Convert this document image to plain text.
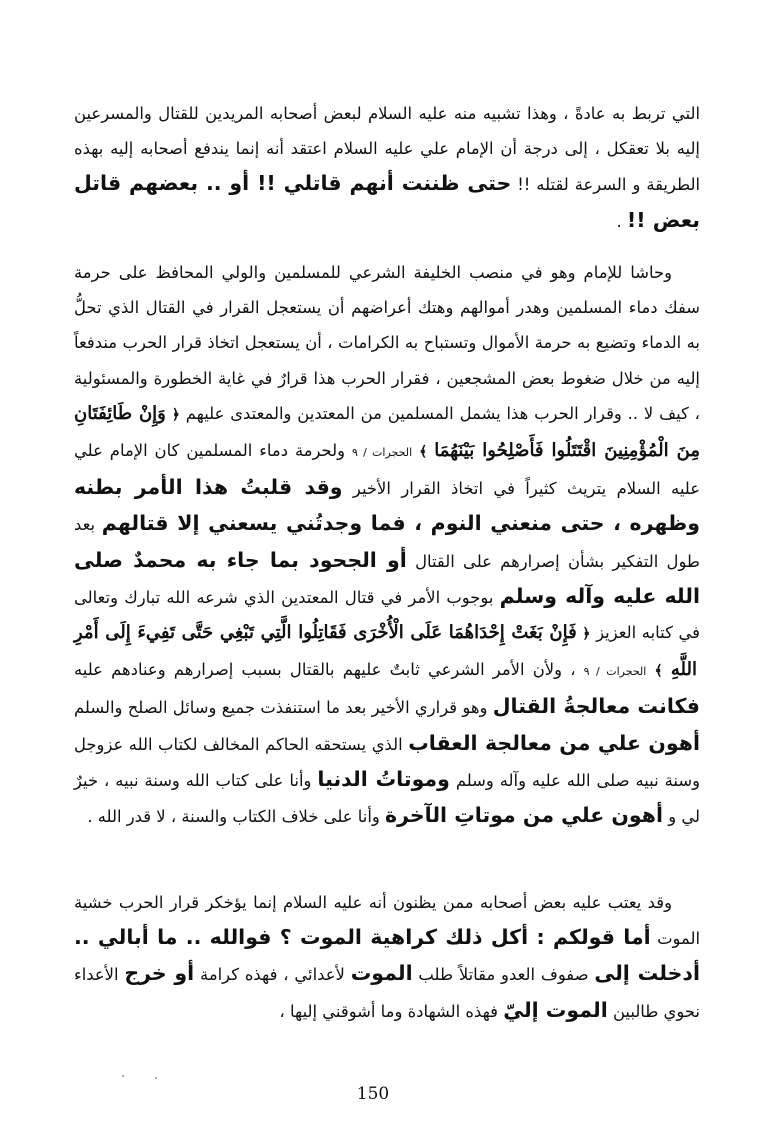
التي تربط به عادةً ، وهذا تشبيه منه عليه السلام لبعض أصحابه المريدين للقتال والمسرعين إليه بلا تعقكل ، إلى درجة أن الإمام علي عليه السلام اعتقد أنه إنما يندفع أصحابه إليه بهذه الطريقة و السرعة لقتله !! حتى ظننت أنهم قاتلي !! أو .. بعضهم قاتل بعض !! .

وحاشا للإمام وهو في منصب الخليفة الشرعي للمسلمين والولي المحافظ على حرمة سفك دماء المسلمين وهدر أموالهم وهتك أعراضهم أن يستعجل القرار في القتال الذي تحلُّ به الدماء وتضيع به حرمة الأموال وتستباح به الكرامات ، أن يستعجل اتخاذ قرار الحرب مندفعاً إليه من خلال ضغوط بعض المشجعين ، فقرار الحرب هذا قرارٌ في غاية الخطورة والمسئولية ، كيف لا .. وقرار الحرب هذا يشمل المسلمين من المعتدين والمعتدى عليهم ﴿ وَإِنْ طَائِفَتَانِ مِنَ الْمُؤْمِنِينَ اقْتَتَلُوا فَأَصْلِحُوا بَيْنَهُمَا ﴾ الحجرات / ٩ ولحرمة دماء المسلمين كان الإمام علي عليه السلام يتريث كثيراً في اتخاذ القرار الأخير وقد قلبتُ هذا الأمر بطنه وظهره ، حتى منعني النوم ، فما وجدتُني يسعني إلا قتالهم بعد طول التفكير بشأن إصرارهم على القتال أو الجحود بما جاء به محمدٌ صلى الله عليه وآله وسلم بوجوب الأمر في قتال المعتدين الذي شرعه الله تبارك وتعالى في كتابه العزيز ﴿ فَإِنْ بَغَتْ إِحْدَاهُمَا عَلَى الْأُخْرَى فَقَاتِلُوا الَّتِي تَبْغِي حَتَّى تَفِيءَ إِلَى أَمْرِ اللَّهِ ﴾ الحجرات / ٩ ، ولأن الأمر الشرعي ثابتٌ عليهم بالقتال بسبب إصرارهم وعنادهم عليه فكانت معالجةُ القتال وهو قراري الأخير بعد ما استنفذت جميع وسائل الصلح والسلم أهون علي من معالجة العقاب الذي يستحقه الحاكم المخالف لكتاب الله عزوجل وسنة نبيه صلى الله عليه وآله وسلم وموتاتُ الدنيا وأنا على كتاب الله وسنة نبيه ، خيرٌ لي و أهون علي من موتاتِ الآخرة وأنا على خلاف الكتاب والسنة ، لا قدر الله .

وقد يعتب عليه بعض أصحابه ممن يظنون أنه عليه السلام إنما يؤخكر قرار الحرب خشية الموت أما قولكم : أكل ذلك كراهية الموت ؟ فوالله .. ما أبالي .. أدخلت إلى صفوف العدو مقاتلاً طلب الموت لأعدائي ، فهذه كرامة أو خرج الأعداء نحوي طالبين الموت إليّ فهذه الشهادة وما أشوقني إليها ،

150
